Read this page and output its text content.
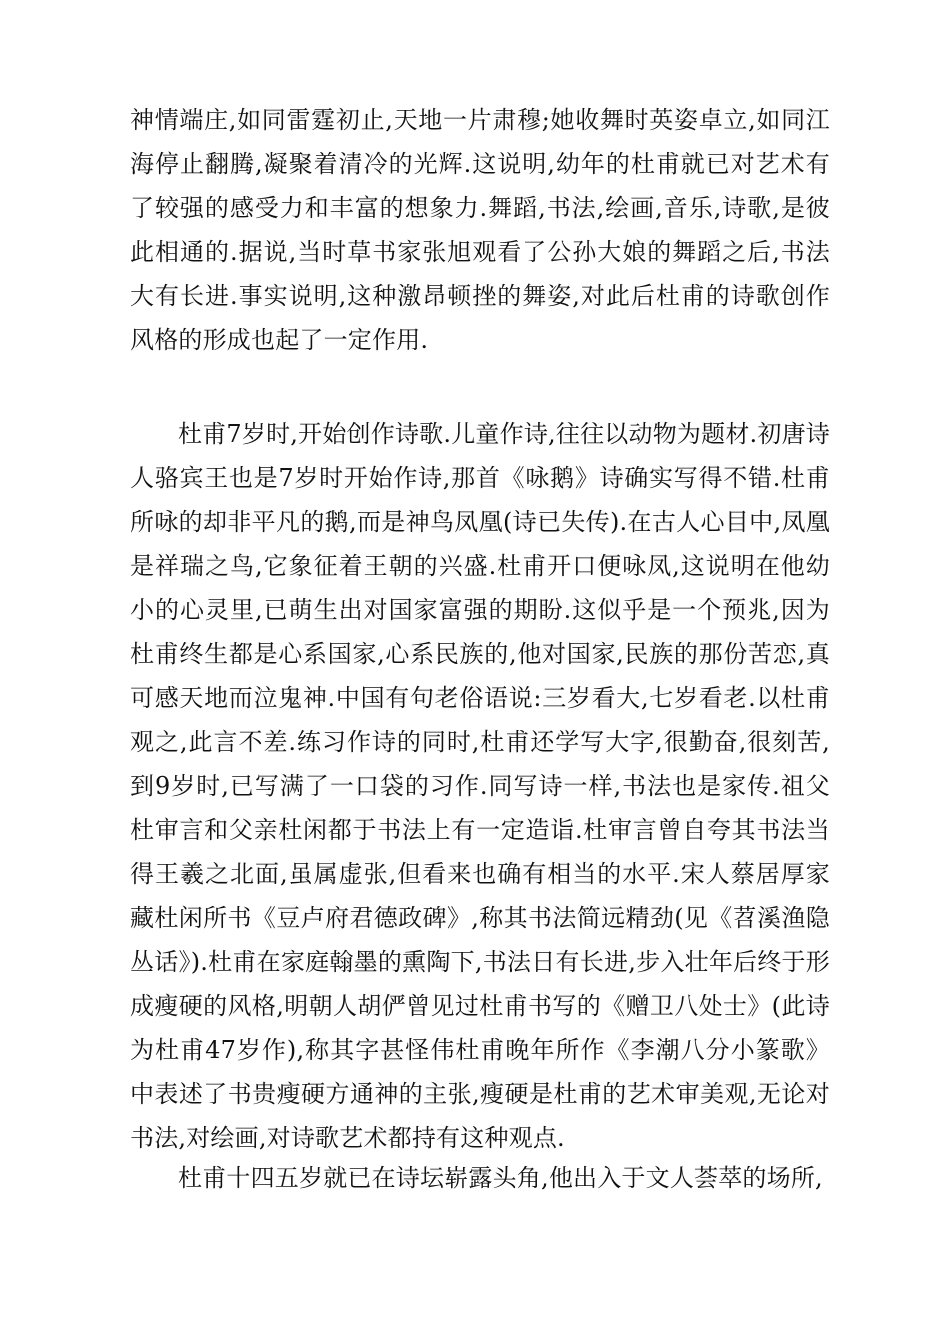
神情端庄,如同雷霆初止,天地一片肃穆;她收舞时英姿卓立,如同江海停止翻腾,凝聚着清冷的光辉.这说明,幼年的杜甫就已对艺术有了较强的感受力和丰富的想象力.舞蹈,书法,绘画,音乐,诗歌,是彼此相通的.据说,当时草书家张旭观看了公孙大娘的舞蹈之后,书法大有长进.事实说明,这种激昂顿挫的舞姿,对此后杜甫的诗歌创作风格的形成也起了一定作用.

杜甫7岁时,开始创作诗歌.儿童作诗,往往以动物为题材.初唐诗人骆宾王也是7岁时开始作诗,那首《咏鹅》诗确实写得不错.杜甫所咏的却非平凡的鹅,而是神鸟凤凰(诗已失传).在古人心目中,凤凰是祥瑞之鸟,它象征着王朝的兴盛.杜甫开口便咏凤,这说明在他幼小的心灵里,已萌生出对国家富强的期盼.这似乎是一个预兆,因为杜甫终生都是心系国家,心系民族的,他对国家,民族的那份苦恋,真可感天地而泣鬼神.中国有句老俗语说:三岁看大,七岁看老.以杜甫观之,此言不差.练习作诗的同时,杜甫还学写大字,很勤奋,很刻苦,到9岁时,已写满了一口袋的习作.同写诗一样,书法也是家传.祖父杜审言和父亲杜闲都于书法上有一定造诣.杜审言曾自夸其书法当得王羲之北面,虽属虚张,但看来也确有相当的水平.宋人蔡居厚家藏杜闲所书《豆卢府君德政碑》,称其书法简远精劲(见《苕溪渔隐丛话》).杜甫在家庭翰墨的熏陶下,书法日有长进,步入壮年后终于形成瘦硬的风格,明朝人胡俨曾见过杜甫书写的《赠卫八处士》(此诗为杜甫47岁作),称其字甚怪伟杜甫晚年所作《李潮八分小篆歌》中表述了书贵瘦硬方通神的主张,瘦硬是杜甫的艺术审美观,无论对书法,对绘画,对诗歌艺术都持有这种观点.

杜甫十四五岁就已在诗坛崭露头角,他出入于文人荟萃的场所,
